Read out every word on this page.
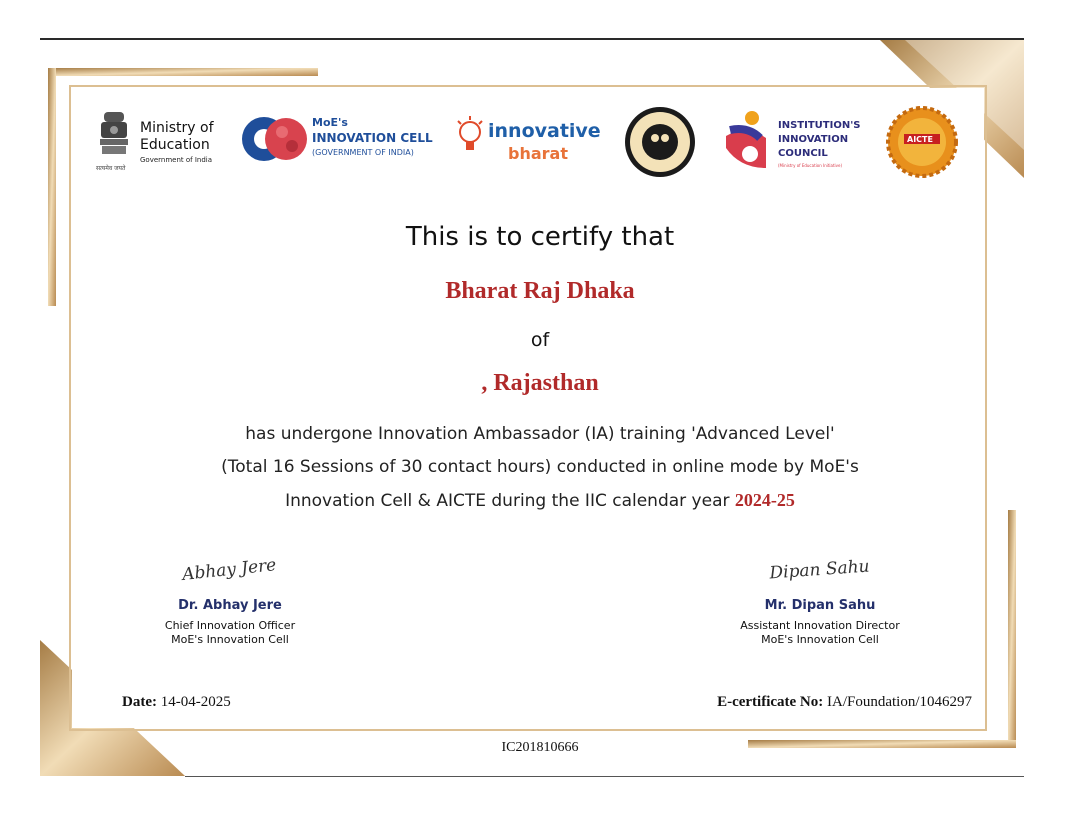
सत्यमेव जयते
Ministry of
Education
Government of India
MoE's
INNOVATION CELL
(GOVERNMENT OF INDIA)
innovative
bharat
INSTITUTION'S
INNOVATION
COUNCIL
(Ministry of Education Initiative)
AICTE
This is to certify that
Bharat Raj Dhaka
of
, Rajasthan
has undergone Innovation Ambassador (IA) training 'Advanced Level'
(Total 16 Sessions of 30 contact hours) conducted in online mode by MoE's
Innovation Cell & AICTE during the IIC calendar year 2024-25
Abhay Jere
Dr. Abhay Jere
Chief Innovation Officer
MoE's Innovation Cell
Dipan Sahu
Mr. Dipan Sahu
Assistant Innovation Director
MoE's Innovation Cell
Date: 14-04-2025	E-certificate No: IA/Foundation/1046297
IC201810666
